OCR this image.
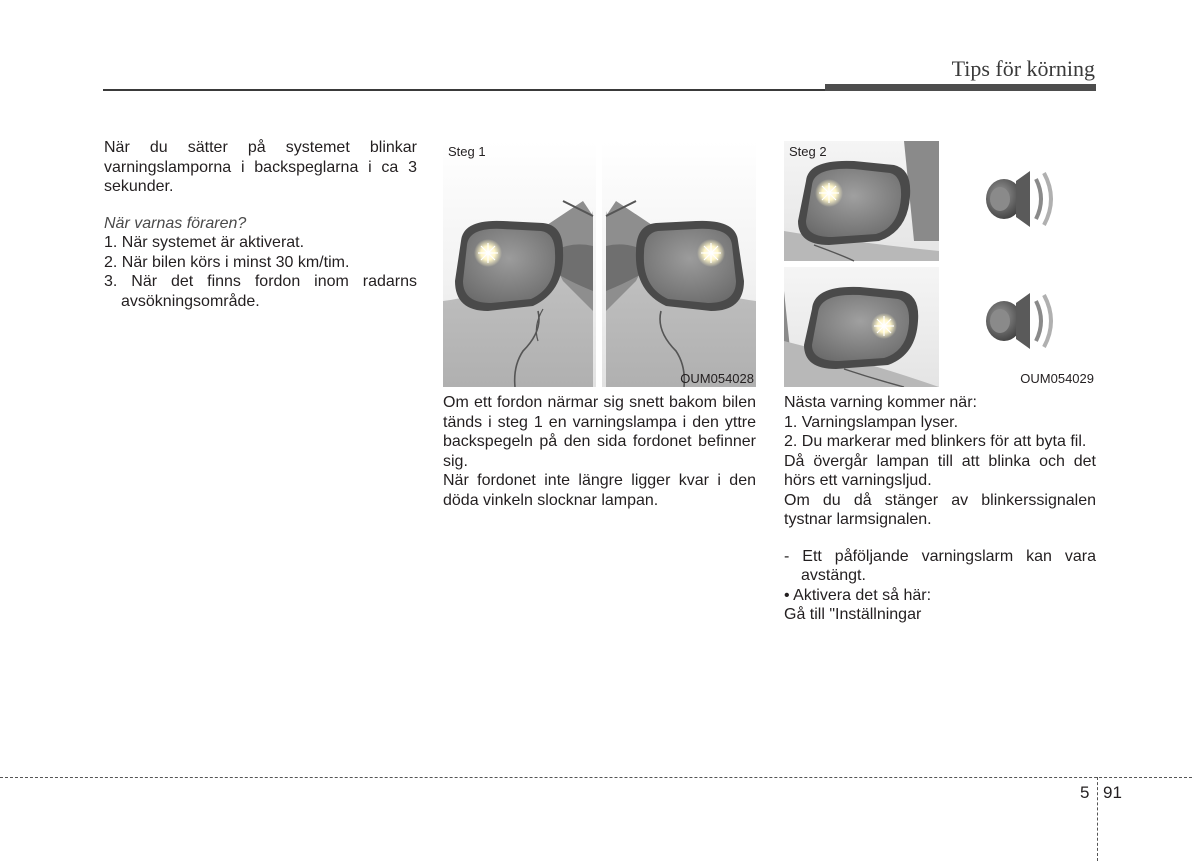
Tips för körning

När du sätter på systemet blinkar varningslamporna i backspeglarna i ca 3 sekunder.

När varnas föraren?

1. När systemet är aktiverat.

2. När bilen körs i minst 30 km/tim.

3. När det finns fordon inom radarns avsökningsområde.

Steg 1
OUM054028
Steg 2
OUM054029

Om ett fordon närmar sig snett bakom bilen tänds i steg 1 en varningslampa i den yttre backspegeln på den sida fordonet befinner sig.

När fordonet inte längre ligger kvar i den döda vinkeln slocknar lampan.

Nästa varning kommer när:

1. Varningslampan lyser.

2. Du markerar med blinkers för att byta fil.

Då övergår lampan till att blinka och det hörs ett varningsljud.

Om du då stänger av blinkerssignalen tystnar larmsignalen.

- Ett påföljande varningslarm kan vara avstängt.

• Aktivera det så här:

Gå till "Inställningar

5 91
